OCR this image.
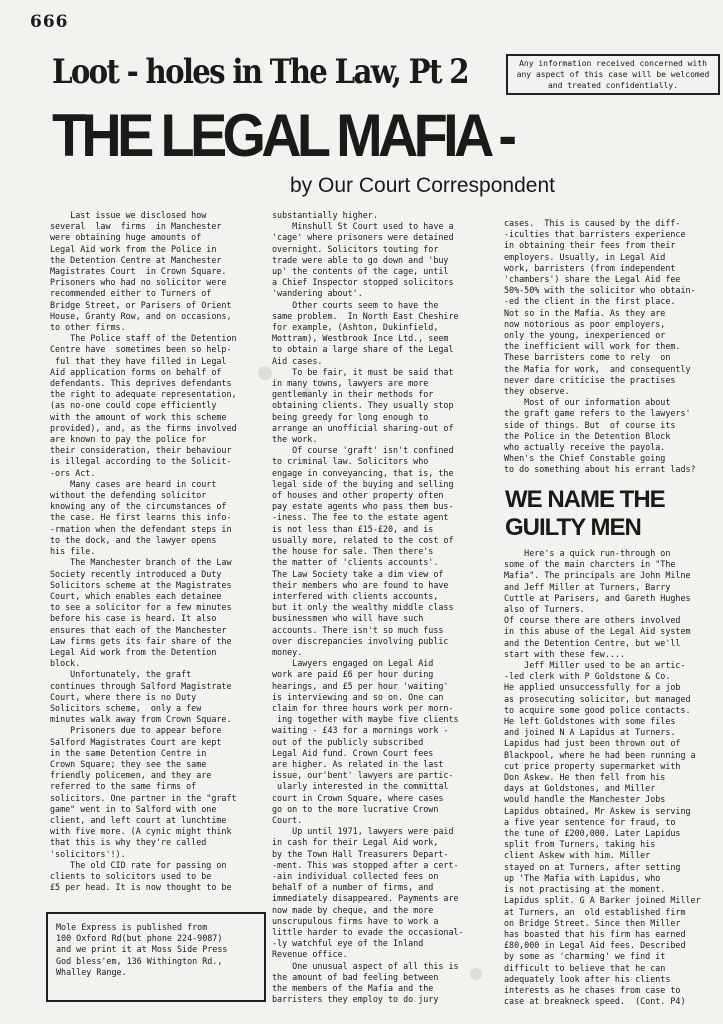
666
Loot - holes in The Law, Pt 2	Any information received concerned with any aspect of this case will be welcomed and treated confidentially.
THE LEGAL MAFIA -
by Our Court Correspondent
Last issue we disclosed how
several  law  firms  in Manchester
were obtaining huge amounts of
Legal Aid work from the Police in
the Detention Centre at Manchester
Magistrates Court  in Crown Square.
Prisoners who had no solicitor were
recommended either to Turners of
Bridge Street, or Parisers of Orient
House, Granty Row, and on occasions,
to other firms.
The Police staff of the Detention
Centre have  sometimes been so help-
ful that they have filled in Legal
Aid application forms on behalf of
defendants. This deprives defendants
the right to adequate representation,
(as no-one could cope efficiently
with the amount of work this scheme
provided), and, as the firms involved
are known to pay the police for
their consideration, their behaviour
is illegal according to the Solicit-
-ors Act.
Many cases are heard in court
without the defending solicitor
knowing any of the circumstances of
the case. He first learns this info-
-rmation when the defendant steps in
to the dock, and the lawyer opens
his file.
The Manchester branch of the Law
Society recently introduced a Duty
Solicitors scheme at the Magistrates
Court, which enables each detainee
to see a solicitor for a few minutes
before his case is heard. It also
ensures that each of the Manchester
Law firms gets its fair share of the
Legal Aid work from the Detention
block.
Unfortunately, the graft
continues through Salford Magistrate
Court, where there is no Duty
Solicitors scheme,  only a few
minutes walk away from Crown Square.
Prisoners due to appear before
Salford Magistrates Court are kept
in the same Detention Centre in
Crown Square; they see the same
friendly policemen, and they are
referred to the same firms of
solicitors. One partner in the "graft
game" went in to Salford with one
client, and left court at lunchtime
with five more. (A cynic might think
that this is why they're called
'solicitors'!).
The old CID rate for passing on
clients to solicitors used to be
£5 per head. It is now thought to be
substantially higher.
Minshull St Court used to have a
'cage' where prisoners were detained
overnight. Solicitors touting for
trade were able to go down and 'buy
up' the contents of the cage, until
a Chief Inspector stopped solicitors
'wandering about'.
Other courts seem to have the
same problem.  In North East Cheshire
for example, (Ashton, Dukinfield,
Mottram), Westbrook Ince Ltd., seem
to obtain a large share of the Legal
Aid cases.
To be fair, it must be said that
in many towns, lawyers are more
gentlemanly in their methods for
obtaining clients. They usually stop
being greedy for long enough to
arrange an unofficial sharing-out of
the work.
Of course 'graft' isn't confined
to criminal law. Solicitors who
engage in conveyancing, that is, the
legal side of the buying and selling
of houses and other property often
pay estate agents who pass them bus-
-iness. The fee to the estate agent
is not less than £15-£20, and is
usually more, related to the cost of
the house for sale. Then there's
the matter of 'clients accounts'.
The Law Society take a dim view of
their members who are found to have
interfered with clients accounts,
but it only the wealthy middle class
businessmen who will have such
accounts. There isn't so much fuss
over discrepancies involving public
money.
Lawyers engaged on Legal Aid
work are paid £6 per hour during
hearings, and £5 per hour 'waiting'
is interviewing and so on. One can
claim for three hours work per morn-
ing together with maybe five clients
waiting - £43 for a mornings work -
out of the publicly subscribed
Legal Aid fund. Crown Court fees
are higher. As related in the last
issue, our'bent' lawyers are partic-
ularly interested in the committal
court in Crown Square, where cases
go on to the more lucrative Crown
Court.
Up until 1971, lawyers were paid
in cash for their Legal Aid work,
by the Town Hall Treasurers Depart-
-ment. This was stopped after a cert-
-ain individual collected fees on
behalf of a number of firms, and
immediately disappeared. Payments are
now made by cheque, and the more
unscrupulous firms have to work a
little harder to evade the occasional-
-ly watchful eye of the Inland
Revenue office.
One unusual aspect of all this is
the amount of bad feeling between
the members of the Mafia and the
barristers they employ to do jury
cases.  This is caused by the diff-
-iculties that barristers experience
in obtaining their fees from their
employers. Usually, in Legal Aid
work, barristers (from independent
'chambers') share the Legal Aid fee
50%-50% with the solicitor who obtain-
-ed the client in the first place.
Not so in the Mafia. As they are
now notorious as poor employers,
only the young, inexperienced or
the inefficient will work for them.
These barristers come to rely  on
the Mafia for work,  and consequently
never dare criticise the practises
they observe.
Most of our information about
the graft game refers to the lawyers'
side of things. But  of course its
the Police in the Detention Block
who actually receive the payola.
When's the Chief Constable going
to do something about his errant lads?
WE NAME THE
GUILTY MEN
Here's a quick run-through on
some of the main charcters in "The
Mafia". The principals are John Milne
and Jeff Miller at Turners, Barry
Cuttle at Parisers, and Gareth Hughes
also of Turners.
Of course there are others involved
in this abuse of the Legal Aid system
and the Detention Centre, but we'll
start with these few....
Jeff Miller used to be an artic-
-led clerk with P Goldstone & Co.
He applied unsuccessfully for a job
as prosecuting solicitor, but managed
to acquire some good police contacts.
He left Goldstones with some files
and joined N A Lapidus at Turners.
Lapidus had just been thrown out of
Blackpool, where he had been running a
cut price property supermarket with
Don Askew. He then fell from his
days at Goldstones, and Miller
would handle the Manchester Jobs
Lapidus obtained, Mr Askew is serving
a five year sentence for fraud, to
the tune of £200,000. Later Lapidus
split from Turners, taking his
client Askew with him. Miller
stayed on at Turners, after setting
up 'The Mafia with Lapidus, who
is not practising at the moment.
Lapidus split. G A Barker joined Miller
at Turners, an  old established firm
on Bridge Street. Since then Miller
has boasted that his firm has earned
£80,000 in Legal Aid fees. Described
by some as 'charming' we find it
difficult to believe that he can
adequately look after his clients
interests as he chases from case to
case at breakneck speed.  (Cont. P4)
Mole Express is published from
100 Oxford Rd(but phone 224-9087)
and we print it at Moss Side Press
God bless'em, 136 Withington Rd.,
Whalley Range.
